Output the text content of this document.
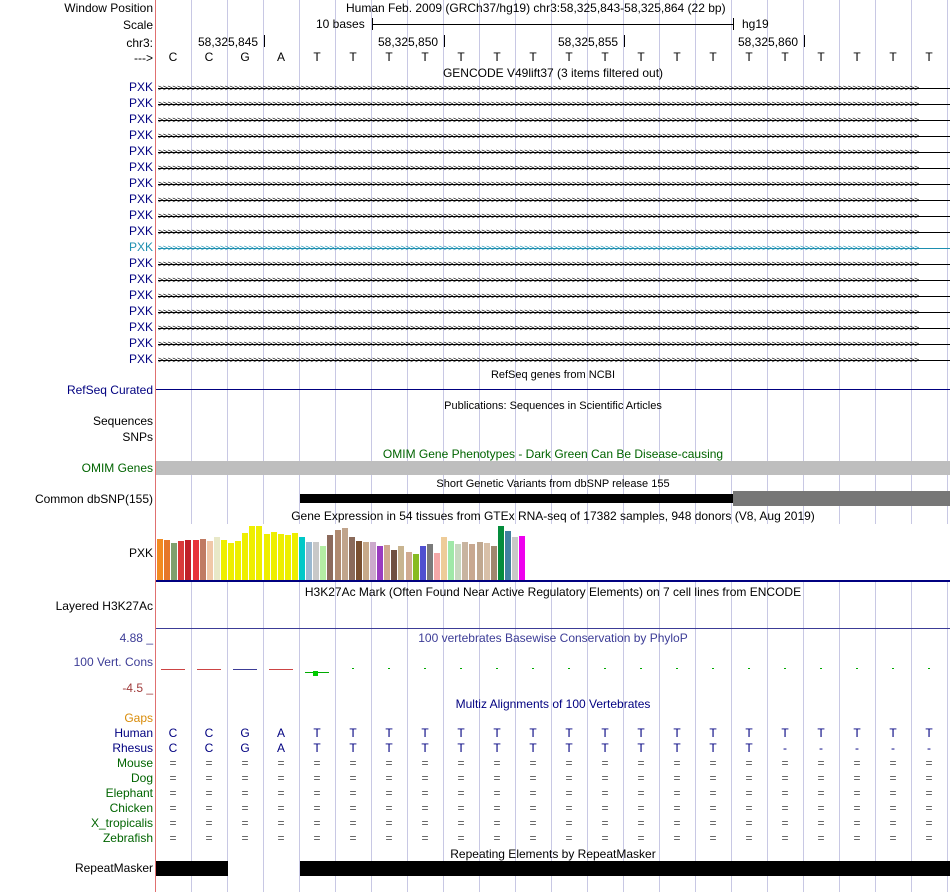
Window Position	Human Feb. 2009 (GRCh37/hg19) chr3:58,325,843-58,325,864 (22 bp)
Scale	10 bases	hg19
chr3:	58,325,845	58,325,850	58,325,855	58,325,860
--->	C	C	G	A	T	T	T	T	T	T	T	T	T	T	T	T	T	T	T	T	T	T
GENCODE V49lift37 (3 items filtered out)
PXK >>>>>>>>>>>>>>>>>>>>>>>>>>>>>>>>>>>>>>>>>>>>>>>>>>>>>>>>>>>>>>>>>>>>>>>>>>>>>>>>>>>>>>>>>>>>>>>>>>>>>>>>>>>>>>>>>>>>>>>>>>>>>>>>>>>>>>>>>>>>>>>>>>>>>>>>>>>>>>>>
PXK >>>>>>>>>>>>>>>>>>>>>>>>>>>>>>>>>>>>>>>>>>>>>>>>>>>>>>>>>>>>>>>>>>>>>>>>>>>>>>>>>>>>>>>>>>>>>>>>>>>>>>>>>>>>>>>>>>>>>>>>>>>>>>>>>>>>>>>>>>>>>>>>>>>>>>>>>>>>>>>>
PXK >>>>>>>>>>>>>>>>>>>>>>>>>>>>>>>>>>>>>>>>>>>>>>>>>>>>>>>>>>>>>>>>>>>>>>>>>>>>>>>>>>>>>>>>>>>>>>>>>>>>>>>>>>>>>>>>>>>>>>>>>>>>>>>>>>>>>>>>>>>>>>>>>>>>>>>>>>>>>>>>
PXK >>>>>>>>>>>>>>>>>>>>>>>>>>>>>>>>>>>>>>>>>>>>>>>>>>>>>>>>>>>>>>>>>>>>>>>>>>>>>>>>>>>>>>>>>>>>>>>>>>>>>>>>>>>>>>>>>>>>>>>>>>>>>>>>>>>>>>>>>>>>>>>>>>>>>>>>>>>>>>>>
PXK >>>>>>>>>>>>>>>>>>>>>>>>>>>>>>>>>>>>>>>>>>>>>>>>>>>>>>>>>>>>>>>>>>>>>>>>>>>>>>>>>>>>>>>>>>>>>>>>>>>>>>>>>>>>>>>>>>>>>>>>>>>>>>>>>>>>>>>>>>>>>>>>>>>>>>>>>>>>>>>>
PXK >>>>>>>>>>>>>>>>>>>>>>>>>>>>>>>>>>>>>>>>>>>>>>>>>>>>>>>>>>>>>>>>>>>>>>>>>>>>>>>>>>>>>>>>>>>>>>>>>>>>>>>>>>>>>>>>>>>>>>>>>>>>>>>>>>>>>>>>>>>>>>>>>>>>>>>>>>>>>>>>
PXK >>>>>>>>>>>>>>>>>>>>>>>>>>>>>>>>>>>>>>>>>>>>>>>>>>>>>>>>>>>>>>>>>>>>>>>>>>>>>>>>>>>>>>>>>>>>>>>>>>>>>>>>>>>>>>>>>>>>>>>>>>>>>>>>>>>>>>>>>>>>>>>>>>>>>>>>>>>>>>>>
PXK >>>>>>>>>>>>>>>>>>>>>>>>>>>>>>>>>>>>>>>>>>>>>>>>>>>>>>>>>>>>>>>>>>>>>>>>>>>>>>>>>>>>>>>>>>>>>>>>>>>>>>>>>>>>>>>>>>>>>>>>>>>>>>>>>>>>>>>>>>>>>>>>>>>>>>>>>>>>>>>>
PXK >>>>>>>>>>>>>>>>>>>>>>>>>>>>>>>>>>>>>>>>>>>>>>>>>>>>>>>>>>>>>>>>>>>>>>>>>>>>>>>>>>>>>>>>>>>>>>>>>>>>>>>>>>>>>>>>>>>>>>>>>>>>>>>>>>>>>>>>>>>>>>>>>>>>>>>>>>>>>>>>
PXK >>>>>>>>>>>>>>>>>>>>>>>>>>>>>>>>>>>>>>>>>>>>>>>>>>>>>>>>>>>>>>>>>>>>>>>>>>>>>>>>>>>>>>>>>>>>>>>>>>>>>>>>>>>>>>>>>>>>>>>>>>>>>>>>>>>>>>>>>>>>>>>>>>>>>>>>>>>>>>>>
PXK >>>>>>>>>>>>>>>>>>>>>>>>>>>>>>>>>>>>>>>>>>>>>>>>>>>>>>>>>>>>>>>>>>>>>>>>>>>>>>>>>>>>>>>>>>>>>>>>>>>>>>>>>>>>>>>>>>>>>>>>>>>>>>>>>>>>>>>>>>>>>>>>>>>>>>>>>>>>>>>>
PXK >>>>>>>>>>>>>>>>>>>>>>>>>>>>>>>>>>>>>>>>>>>>>>>>>>>>>>>>>>>>>>>>>>>>>>>>>>>>>>>>>>>>>>>>>>>>>>>>>>>>>>>>>>>>>>>>>>>>>>>>>>>>>>>>>>>>>>>>>>>>>>>>>>>>>>>>>>>>>>>>
PXK >>>>>>>>>>>>>>>>>>>>>>>>>>>>>>>>>>>>>>>>>>>>>>>>>>>>>>>>>>>>>>>>>>>>>>>>>>>>>>>>>>>>>>>>>>>>>>>>>>>>>>>>>>>>>>>>>>>>>>>>>>>>>>>>>>>>>>>>>>>>>>>>>>>>>>>>>>>>>>>>
PXK >>>>>>>>>>>>>>>>>>>>>>>>>>>>>>>>>>>>>>>>>>>>>>>>>>>>>>>>>>>>>>>>>>>>>>>>>>>>>>>>>>>>>>>>>>>>>>>>>>>>>>>>>>>>>>>>>>>>>>>>>>>>>>>>>>>>>>>>>>>>>>>>>>>>>>>>>>>>>>>>
PXK >>>>>>>>>>>>>>>>>>>>>>>>>>>>>>>>>>>>>>>>>>>>>>>>>>>>>>>>>>>>>>>>>>>>>>>>>>>>>>>>>>>>>>>>>>>>>>>>>>>>>>>>>>>>>>>>>>>>>>>>>>>>>>>>>>>>>>>>>>>>>>>>>>>>>>>>>>>>>>>>
PXK >>>>>>>>>>>>>>>>>>>>>>>>>>>>>>>>>>>>>>>>>>>>>>>>>>>>>>>>>>>>>>>>>>>>>>>>>>>>>>>>>>>>>>>>>>>>>>>>>>>>>>>>>>>>>>>>>>>>>>>>>>>>>>>>>>>>>>>>>>>>>>>>>>>>>>>>>>>>>>>>
PXK >>>>>>>>>>>>>>>>>>>>>>>>>>>>>>>>>>>>>>>>>>>>>>>>>>>>>>>>>>>>>>>>>>>>>>>>>>>>>>>>>>>>>>>>>>>>>>>>>>>>>>>>>>>>>>>>>>>>>>>>>>>>>>>>>>>>>>>>>>>>>>>>>>>>>>>>>>>>>>>>
PXK >>>>>>>>>>>>>>>>>>>>>>>>>>>>>>>>>>>>>>>>>>>>>>>>>>>>>>>>>>>>>>>>>>>>>>>>>>>>>>>>>>>>>>>>>>>>>>>>>>>>>>>>>>>>>>>>>>>>>>>>>>>>>>>>>>>>>>>>>>>>>>>>>>>>>>>>>>>>>>>>
RefSeq genes from NCBI
RefSeq Curated
Publications: Sequences in Scientific Articles
Sequences
SNPs
OMIM Gene Phenotypes - Dark Green Can Be Disease-causing
OMIM Genes
Short Genetic Variants from dbSNP release 155
Common dbSNP(155)
Gene Expression in 54 tissues from GTEx RNA-seq of 17382 samples, 948 donors (V8, Aug 2019)
PXK
H3K27Ac Mark (Often Found Near Active Regulatory Elements) on 7 cell lines from ENCODE
Layered H3K27Ac
100 vertebrates Basewise Conservation by PhyloP
4.88 _
100 Vert. Cons
-4.5 _
Multiz Alignments of 100 Vertebrates
Gaps
Human	C	C	G	A	T	T	T	T	T	T	T	T	T	T	T	T	T	T	T	T	T	T
Rhesus	C	C	G	A	T	T	T	T	T	T	T	T	T	T	T	T	T	-	-	-	-	-
Mouse	=	=	=	=	=	=	=	=	=	=	=	=	=	=	=	=	=	=	=	=	=	=
Dog	=	=	=	=	=	=	=	=	=	=	=	=	=	=	=	=	=	=	=	=	=	=
Elephant	=	=	=	=	=	=	=	=	=	=	=	=	=	=	=	=	=	=	=	=	=	=
Chicken	=	=	=	=	=	=	=	=	=	=	=	=	=	=	=	=	=	=	=	=	=	=
X_tropicalis	=	=	=	=	=	=	=	=	=	=	=	=	=	=	=	=	=	=	=	=	=	=
Zebrafish	=	=	=	=	=	=	=	=	=	=	=	=	=	=	=	=	=	=	=	=	=	=
Repeating Elements by RepeatMasker
RepeatMasker
